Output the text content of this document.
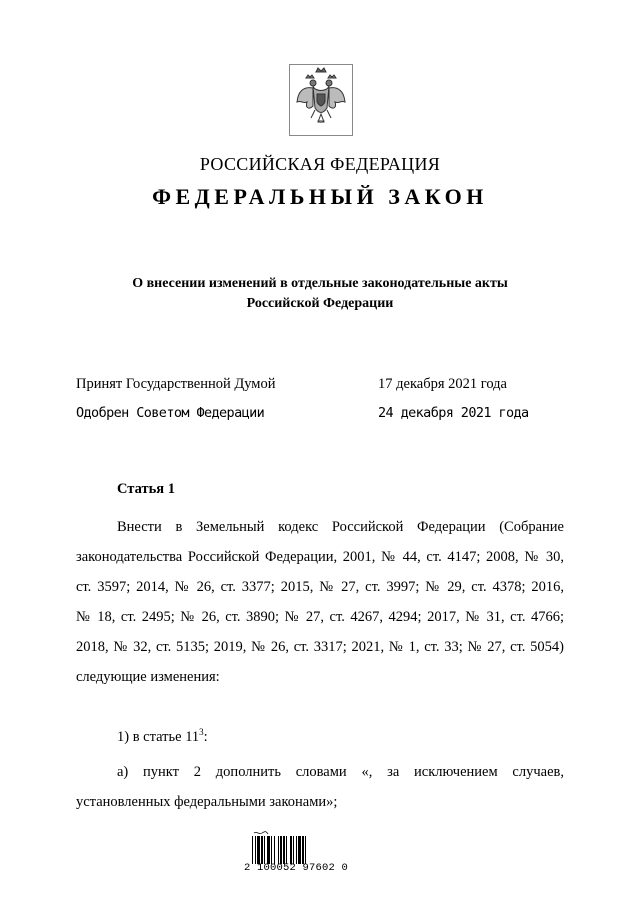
РОССИЙСКАЯ ФЕДЕРАЦИЯ
ФЕДЕРАЛЬНЫЙ ЗАКОН
О внесении изменений в отдельные законодательные акты
Российской Федерации
Принят Государственной Думой	17 декабря 2021 года
Одобрен Советом Федерации	24 декабря 2021 года
Статья 1
Внести в Земельный кодекс Российской Федерации (Собрание
законодательства Российской Федерации, 2001, № 44, ст. 4147; 2008, № 30,
ст. 3597; 2014, № 26, ст. 3377; 2015, № 27, ст. 3997; № 29, ст. 4378; 2016,
№ 18, ст. 2495; № 26, ст. 3890; № 27, ст. 4267, 4294; 2017, № 31, ст. 4766;
2018, № 32, ст. 5135; 2019, № 26, ст. 3317; 2021, № 1, ст. 33; № 27, ст. 5054)
следующие изменения:
1) в статье $11^3$:
а) пункт 2 дополнить словами «, за исключением случаев,
установленных федеральными законами»;
2 100052 97602 0
